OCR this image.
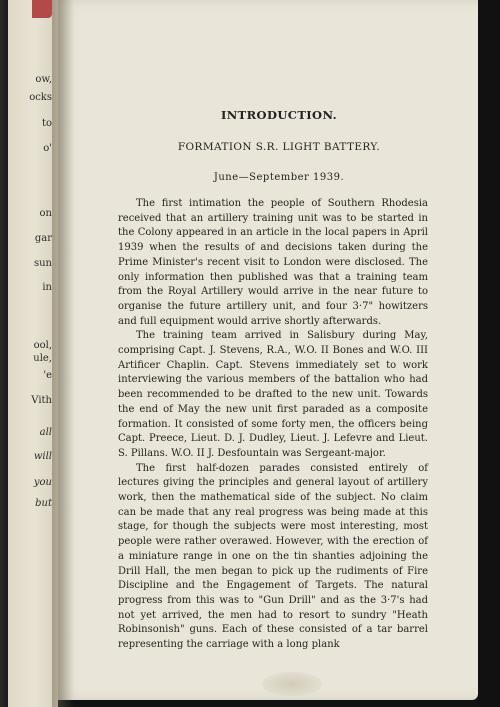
ow,
ocks
to
o'
on
gar
sun
in
ool,
ule,
'e
Vith
all
will
you
but
INTRODUCTION.
FORMATION S.R. LIGHT BATTERY.
June—September 1939.

The first intimation the people of Southern Rhodesia received that an artillery training unit was to be started in the Colony appeared in an article in the local papers in April 1939 when the results of and decisions taken during the Prime Minister's recent visit to London were disclosed. The only information then published was that a training team from the Royal Artillery would arrive in the near future to organise the future artillery unit, and four 3·7" howitzers and full equipment would arrive shortly afterwards.

The training team arrived in Salisbury during May, comprising Capt. J. Stevens, R.A., W.O. II Bones and W.O. III Artificer Chaplin. Capt. Stevens immediately set to work interviewing the various members of the battalion who had been recommended to be drafted to the new unit. Towards the end of May the new unit first paraded as a composite formation. It consisted of some forty men, the officers being Capt. Preece, Lieut. D. J. Dudley, Lieut. J. Lefevre and Lieut. S. Pillans. W.O. II J. Desfountain was Sergeant-major.

The first half-dozen parades consisted entirely of lectures giving the principles and general layout of artillery work, then the mathematical side of the subject. No claim can be made that any real progress was being made at this stage, for though the subjects were most interesting, most people were rather overawed. However, with the erection of a miniature range in one on the tin shanties adjoining the Drill Hall, the men began to pick up the rudiments of Fire Discipline and the Engagement of Targets. The natural progress from this was to "Gun Drill" and as the 3·7's had not yet arrived, the men had to resort to sundry "Heath Robinsonish" guns. Each of these consisted of a tar barrel representing the carriage with a long plank
